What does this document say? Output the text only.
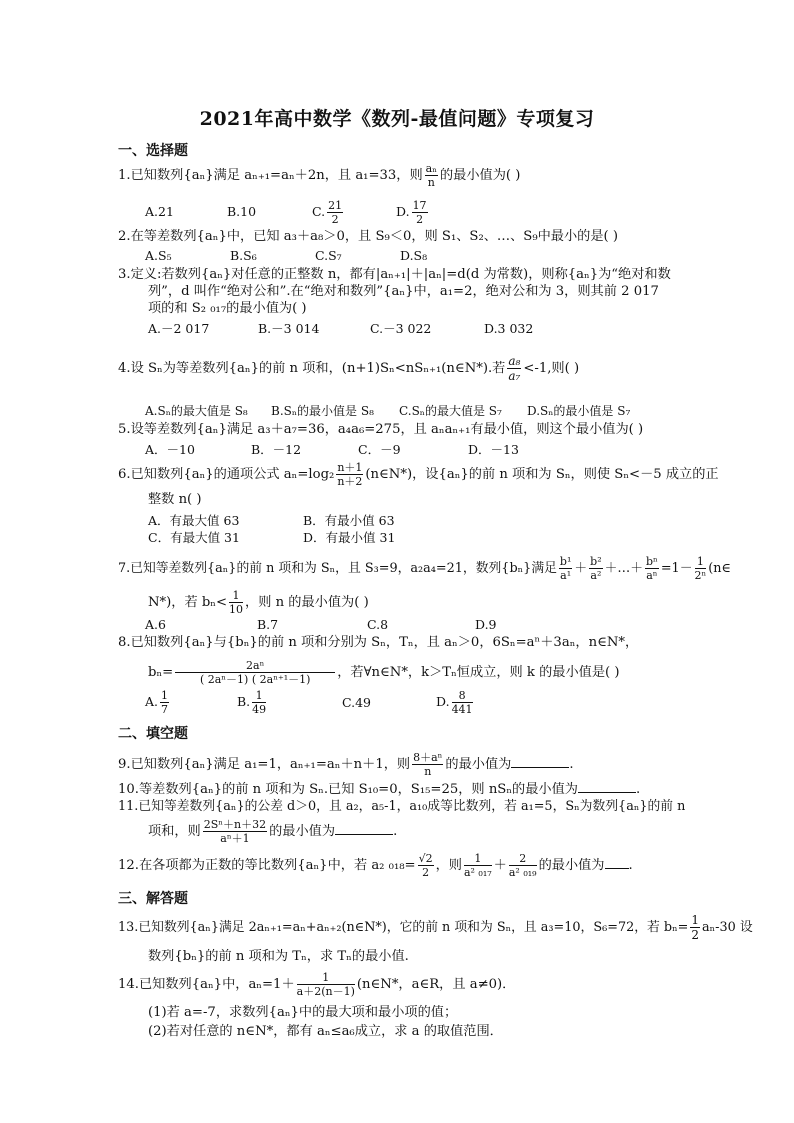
2021年高中数学《数列-最值问题》专项复习
一、选择题
1.已知数列{aₙ}满足 aₙ₊₁=aₙ＋2n，且 a₁=33，则 $\frac{\text{aₙ}}{n}$ 的最小值为( )
A.21	B.10	C. $\frac{21}{2}$	D. $\frac{17}{2}$
2.在等差数列{aₙ}中，已知 a₃＋a₈＞0，且 S₉＜0，则 S₁、S₂、…、S₉中最小的是( )
A.S₅	B.S₆	C.S₇	D.S₈
3.定义:若数列{aₙ}对任意的正整数 n，都有|aₙ₊₁|＋|aₙ|=d(d 为常数)，则称{aₙ}为“绝对和数
列”，d 叫作“绝对公和”.在“绝对和数列”{aₙ}中，a₁=2，绝对公和为 3，则其前 2 017
项的和 S₂ ₀₁₇的最小值为( )
A.－2 017	B.－3 014	C.－3 022	D.3 032
4.设 Sₙ为等差数列{aₙ}的前 n 项和，(n+1)Sₙ<nSₙ₊₁(n∈N*).若 $\frac{\text{a₈}}{\text{a₇}} <-1$,则( )
A.Sₙ的最大值是 S₈ B.Sₙ的最小值是 S₈ C.Sₙ的最大值是 S₇ D.Sₙ的最小值是 S₇
5.设等差数列{aₙ}满足 a₃＋a₇=36，a₄a₆=275，且 aₙaₙ₊₁有最小值，则这个最小值为( )
A．－10	B．－12	C．－9	D．－13
6.已知数列{aₙ}的通项公式 $a_n=\log_2 \frac{n+1}{n+2}$ (n∈N*)，设{aₙ}的前 n 项和为 Sₙ，则使 Sₙ<－5 成立的正
整数 n( )
A．有最大值 63	B．有最小值 63
C．有最大值 31	D．有最小值 31
7.已知等差数列{aₙ}的前 n 项和为 Sₙ，且 S₃=9，a₂a₄=21，数列{bₙ}满足 $\frac{\text{b¹}}{\text{a¹}} + \frac{\text{b²}}{\text{a²}}$ ＋…＋ $\frac{\text{bⁿ}}{\text{aⁿ}} =1- \frac{1}{\text{2ⁿ}}$ (n∈
N*)，若 $b_n< \frac{1}{10}$ ，则 n 的最小值为( )
A.6	B.7	C.8	D.9
8.已知数列{aₙ}与{bₙ}的前 n 项和分别为 Sₙ，Tₙ，且 aₙ＞0，6Sₙ=aⁿ＋3aₙ，n∈N*，
$b_n= \frac{\text{2aⁿ}}{\text{( 2aⁿ－1) ( 2aⁿ⁺¹－1)}}$ ，若∀n∈N*，k＞Tₙ恒成立，则 k 的最小值是( )
A. $\frac{1}{7}$	B. $\frac{1}{49}$	C.49	D. $\frac{8}{441}$
二、填空题
9.已知数列{aₙ}满足 a₁=1，aₙ₊₁=aₙ＋n＋1，则 $\frac{\text{8＋aⁿ}}{n}$ 的最小值为	.
10.等差数列{aₙ}的前 n 项和为 Sₙ.已知 S₁₀=0，S₁₅=25，则 nSₙ的最小值为	.
11.已知等差数列{aₙ}的公差 d＞0，且 a₂，a₅-1，a₁₀成等比数列，若 a₁=5，Sₙ为数列{aₙ}的前 n
项和，则 $\frac{\text{2Sⁿ＋n＋32}}{\text{aⁿ＋1}}$ 的最小值为	.
12.在各项都为正数的等比数列{aₙ}中，若 a₂ $_{018}= \frac{√2}{2}$ ，则 $\frac{1}{\text{a² ₀₁₇}} + \frac{2}{\text{a² ₀₁₉}}$ 的最小值为 .
三、解答题
13.已知数列{aₙ}满足 2aₙ₊₁=aₙ+aₙ₊₂(n∈N*)，它的前 n 项和为 Sₙ，且 a₃=10，S₆=72，若 $b_n= \frac{1}{2} a_n-30$ 设
数列{bₙ}的前 n 项和为 Tₙ，求 Tₙ的最小值.
14.已知数列{aₙ}中，$a_n=1+ \frac{1}{a+2(n-1)}$ (n∈N*，a∈R，且 a≠0)．
(1)若 a=-7，求数列{aₙ}中的最大项和最小项的值；
(2)若对任意的 n∈N*，都有 aₙ≤a₆成立，求 a 的取值范围．
